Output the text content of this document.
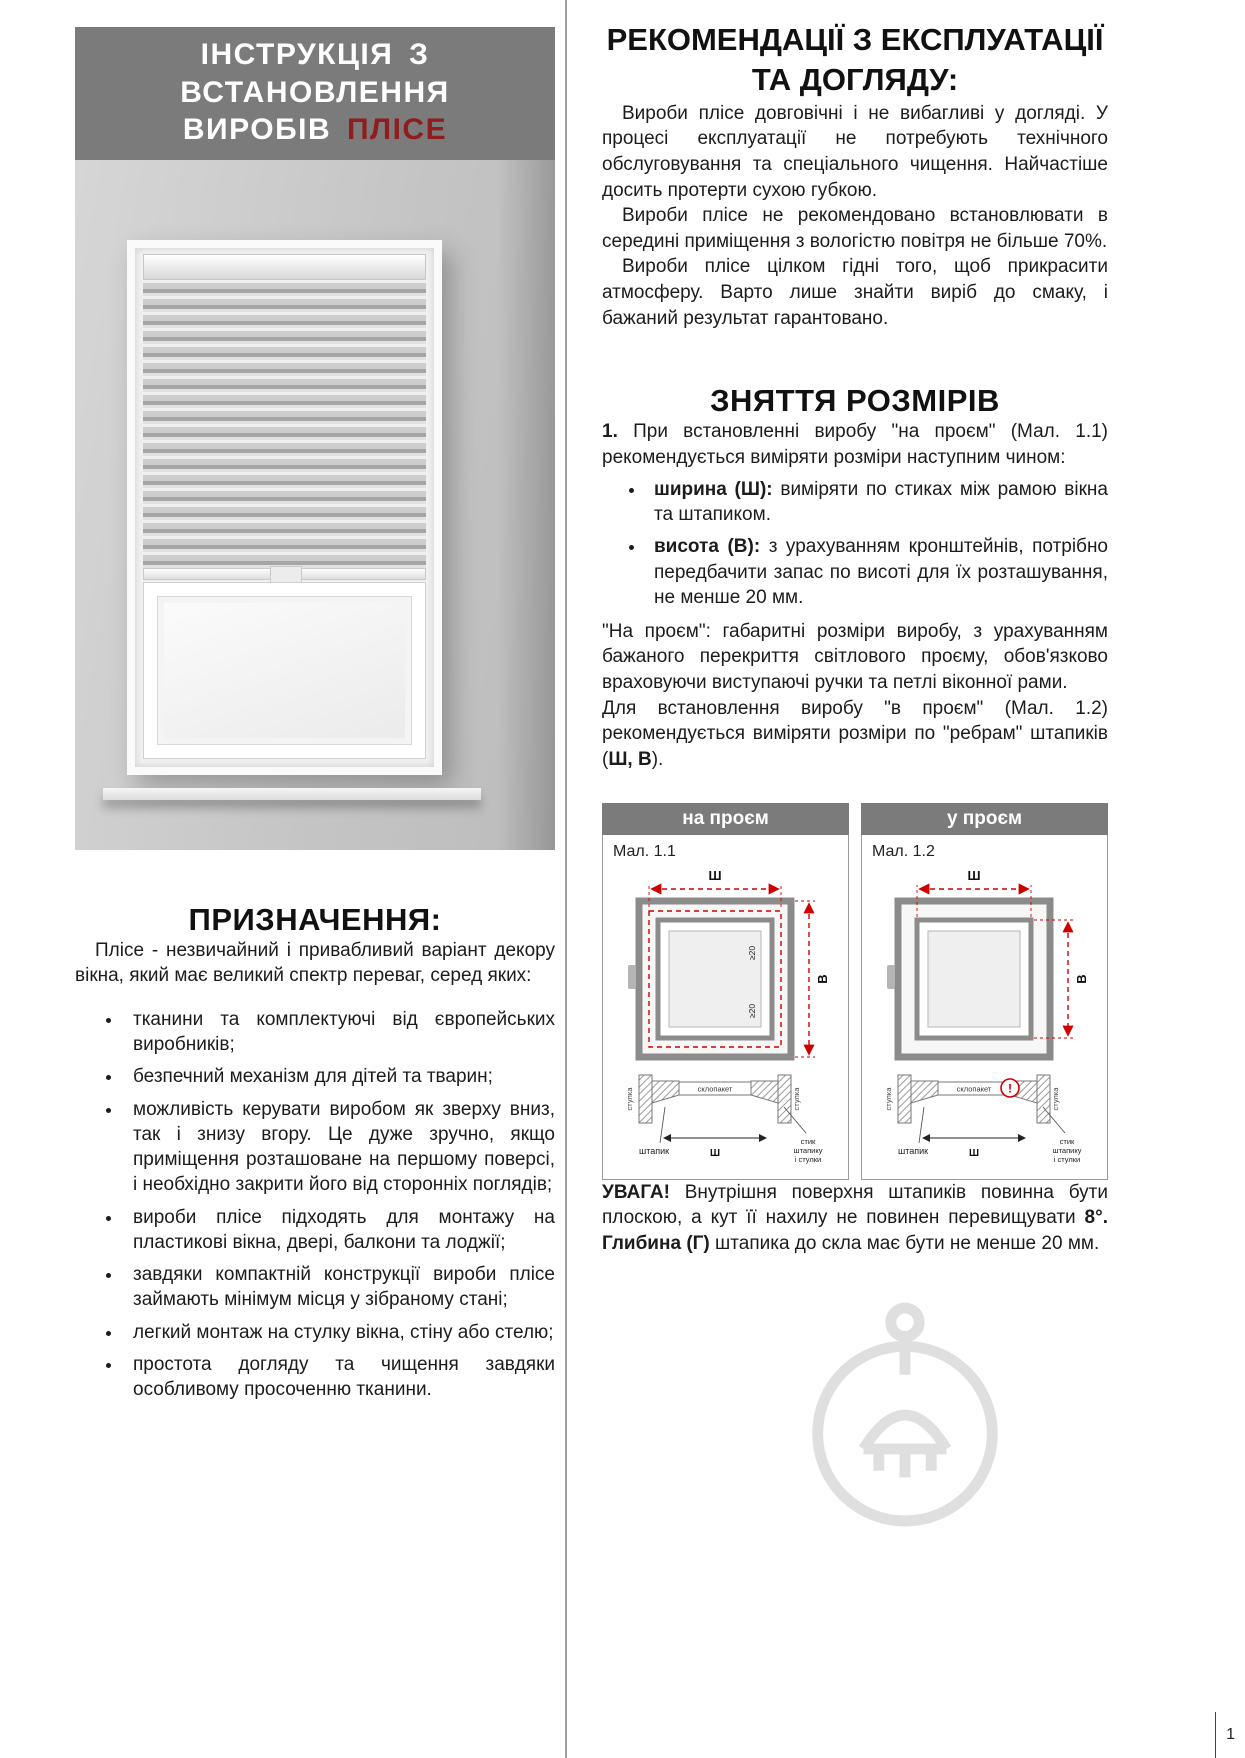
ІНСТРУКЦІЯ З ВСТАНОВЛЕННЯ
ВИРОБІВ ПЛІСЕ
ПРИЗНАЧЕННЯ:

Плісе - незвичайний і привабливий варіант декору вікна, який має великий спектр переваг, серед яких:

• тканини та комплектуючі від європейських виробників;
• безпечний механізм для дітей та тварин;
• можливість керувати виробом як зверху вниз, так і знизу вгору. Це дуже зручно, якщо приміщення розташоване на першому поверсі, і необхідно закрити його від сторонніх поглядів;
• вироби плісе підходять для монтажу на пластикові вікна, двері, балкони та лоджії;
• завдяки компактній конструкції вироби плісе займають мінімум місця у зібраному стані;
• легкий монтаж на стулку вікна, стіну або стелю;
• простота догляду та чищення завдяки особливому просоченню тканини.
РЕКОМЕНДАЦІЇ З ЕКСПЛУАТАЦІЇ
ТА ДОГЛЯДУ:

Вироби плісе довговічні і не вибагливі у догляді. У процесі експлуатації не потребують технічного обслуговування та спеціального чищення. Найчастіше досить протерти сухою губкою.

Вироби плісе не рекомендовано встановлювати в середині приміщення з вологістю повітря не більше 70%.

Вироби плісе цілком гідні того, щоб прикрасити атмосферу. Варто лише знайти виріб до смаку, і бажаний результат гарантовано.

ЗНЯТТЯ РОЗМІРІВ

1. При встановленні виробу "на проєм" (Мал. 1.1) рекомендується виміряти розміри наступним чином:

• ширина (Ш): виміряти по стиках між рамою вікна та штапиком.
• висота (В): з урахуванням кронштейнів, потрібно передбачити запас по висоті для їх розташування, не менше 20 мм.

"На проєм": габаритні розміри виробу, з урахуванням бажаного перекриття світлового проєму, обов'язково враховуючи виступаючі ручки та петлі віконної рами.

Для встановлення виробу "в проєм" (Мал. 1.2) рекомендується виміряти розміри по "ребрам" штапиків (Ш, В).

на проєм
Мал. 1.1
Ш
В
≥20
≥20
склопакет
стулка	стулка
штапик	Ш
стик
штапику
і стулки
у проєм
Мал. 1.2
Ш
В
!
склопакет
стулка	стулка
штапик	Ш
стик
штапику
і стулки

УВАГА! Внутрішня поверхня штапиків повинна бути плоскою, а кут її нахилу не повинен перевищувати 8°. Глибина (Г) штапика до скла має бути не менше 20 мм.

1
